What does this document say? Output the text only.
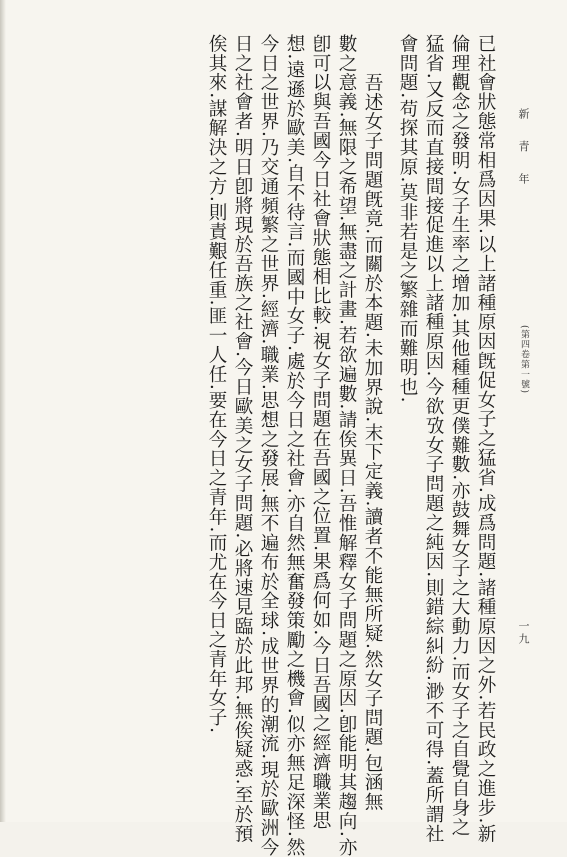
新 青 年
(第四卷第一號)
一九
已社會狀態常相爲因果.以上諸種原因旣促女子之猛省.成爲問題.諸種原因之外.若民政之進步.新
倫理觀念之發明.女子生率之增加.其他種種更僕難數.亦鼓舞女子之大動力.而女子之自覺自身之
猛省.又反而直接間接促進以上諸種原因.今欲攷女子問題之純因.則錯綜糾紛.渺不可得.蓋所謂社
會問題.苟探其原.莫非若是之繁雜而難明也.
吾述女子問題旣竟.而關於本題.未加界說.末下定義.讀者不能無所疑.然女子問題.包涵無
數之意義.無限之希望.無盡之計畫.若欲遍數.請俟異日.吾惟解釋女子問題之原因.卽能明其趨向.亦
卽可以與吾國今日社會狀態相比較.視女子問題在吾國之位置.果爲何如.今日吾國之經濟職業思
想.遠遜於歐美.自不待言.而國中女子.處於今日之社會.亦自然無奮發策勵之機會.似亦無足深怪.然
今日之世界.乃交通頻繁之世界.經濟.職業.思想之發展.無不遍布於全球.成世界的潮流.現於歐洲今
日之社會者.明日卽將現於吾族之社會.今日歐美之女子問題.必將速見臨於此邦.無俟疑惑.至於預
俟其來.謀解決之方.則責艱任重.匪一人任.要在今日之青年.而尤在今日之青年女子.
